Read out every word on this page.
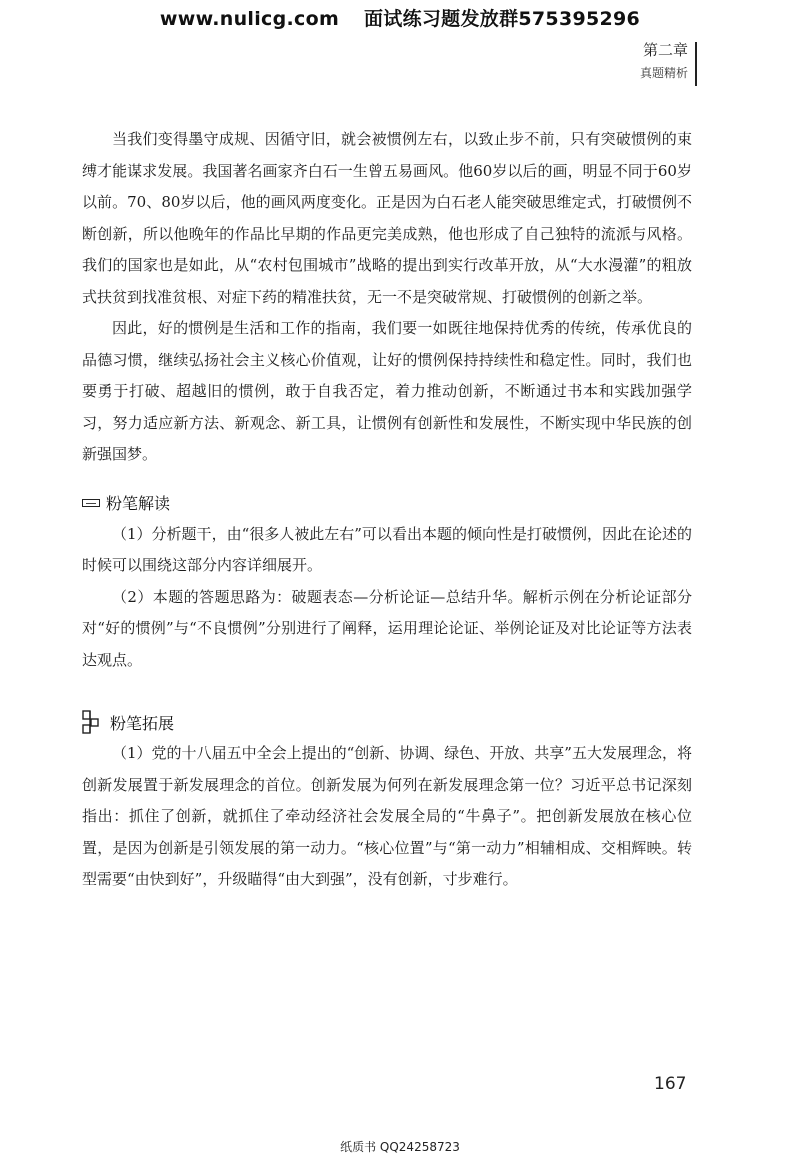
www.nulicg.com 面试练习题发放群575395296
第二章
真题精析

当我们变得墨守成规、因循守旧，就会被惯例左右，以致止步不前，只有突破惯例的束缚才能谋求发展。我国著名画家齐白石一生曾五易画风。他60岁以后的画，明显不同于60岁以前。70、80岁以后，他的画风两度变化。正是因为白石老人能突破思维定式，打破惯例不断创新，所以他晚年的作品比早期的作品更完美成熟，他也形成了自己独特的流派与风格。我们的国家也是如此，从“农村包围城市”战略的提出到实行改革开放，从“大水漫灌”的粗放式扶贫到找准贫根、对症下药的精准扶贫，无一不是突破常规、打破惯例的创新之举。

因此，好的惯例是生活和工作的指南，我们要一如既往地保持优秀的传统，传承优良的品德习惯，继续弘扬社会主义核心价值观，让好的惯例保持持续性和稳定性。同时，我们也要勇于打破、超越旧的惯例，敢于自我否定，着力推动创新，不断通过书本和实践加强学习，努力适应新方法、新观念、新工具，让惯例有创新性和发展性，不断实现中华民族的创新强国梦。

粉笔解读

（1）分析题干，由“很多人被此左右”可以看出本题的倾向性是打破惯例，因此在论述的时候可以围绕这部分内容详细展开。

（2）本题的答题思路为：破题表态—分析论证—总结升华。解析示例在分析论证部分对“好的惯例”与“不良惯例”分别进行了阐释，运用理论论证、举例论证及对比论证等方法表达观点。

粉笔拓展

（1）党的十八届五中全会上提出的“创新、协调、绿色、开放、共享”五大发展理念，将创新发展置于新发展理念的首位。创新发展为何列在新发展理念第一位？习近平总书记深刻指出：抓住了创新，就抓住了牵动经济社会发展全局的“牛鼻子”。把创新发展放在核心位置，是因为创新是引领发展的第一动力。“核心位置”与“第一动力”相辅相成、交相辉映。转型需要“由快到好”，升级瞄得“由大到强”，没有创新，寸步难行。

167
纸质书 QQ24258723
